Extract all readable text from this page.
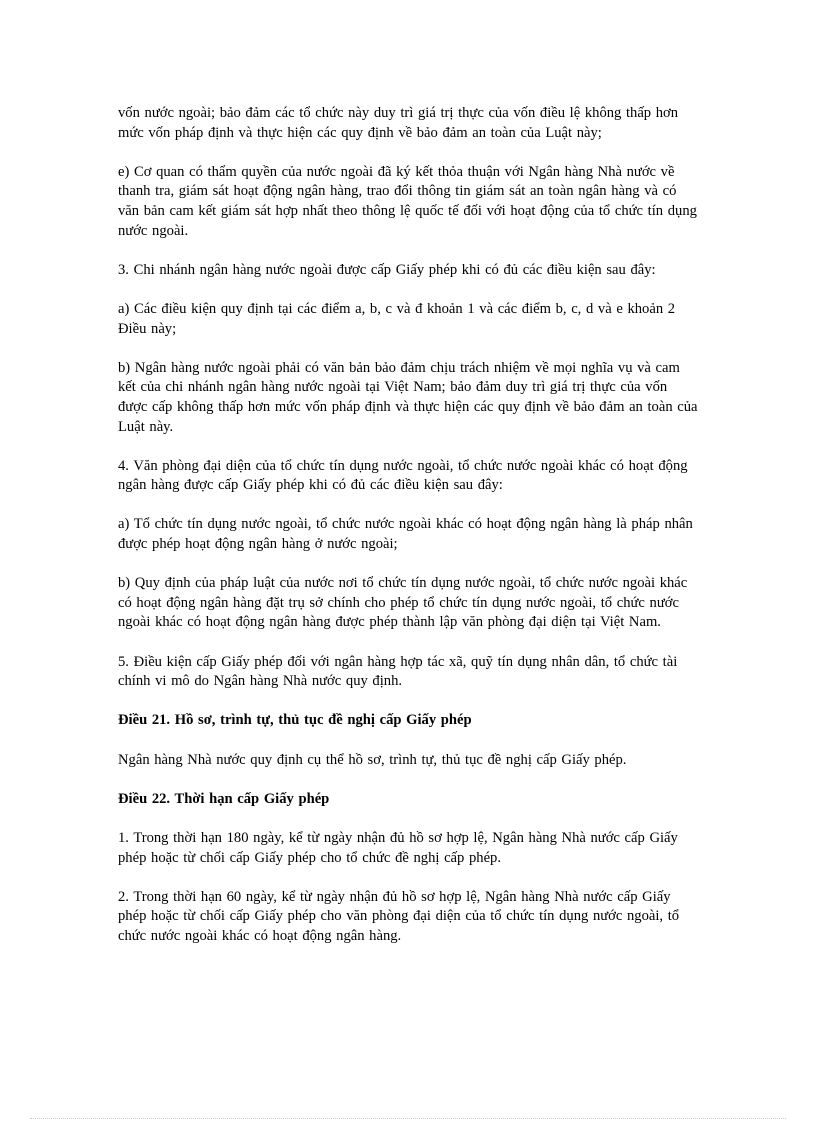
vốn nước ngoài; bảo đảm các tổ chức này duy trì giá trị thực của vốn điều lệ không thấp hơn mức vốn pháp định và thực hiện các quy định về bảo đảm an toàn của Luật này;

e) Cơ quan có thẩm quyền của nước ngoài đã ký kết thỏa thuận với Ngân hàng Nhà nước về thanh tra, giám sát hoạt động ngân hàng, trao đổi thông tin giám sát an toàn ngân hàng và có văn bản cam kết giám sát hợp nhất theo thông lệ quốc tế đối với hoạt động của tổ chức tín dụng nước ngoài.

3. Chi nhánh ngân hàng nước ngoài được cấp Giấy phép khi có đủ các điều kiện sau đây:

a) Các điều kiện quy định tại các điểm a, b, c và đ khoản 1 và các điểm b, c, d và e khoản 2 Điều này;

b) Ngân hàng nước ngoài phải có văn bản bảo đảm chịu trách nhiệm về mọi nghĩa vụ và cam kết của chi nhánh ngân hàng nước ngoài tại Việt Nam; bảo đảm duy trì giá trị thực của vốn được cấp không thấp hơn mức vốn pháp định và thực hiện các quy định về bảo đảm an toàn của Luật này.

4. Văn phòng đại diện của tổ chức tín dụng nước ngoài, tổ chức nước ngoài khác có hoạt động ngân hàng được cấp Giấy phép khi có đủ các điều kiện sau đây:

a) Tổ chức tín dụng nước ngoài, tổ chức nước ngoài khác có hoạt động ngân hàng là pháp nhân được phép hoạt động ngân hàng ở nước ngoài;

b) Quy định của pháp luật của nước nơi tổ chức tín dụng nước ngoài, tổ chức nước ngoài khác có hoạt động ngân hàng đặt trụ sở chính cho phép tổ chức tín dụng nước ngoài, tổ chức nước ngoài khác có hoạt động ngân hàng được phép thành lập văn phòng đại diện tại Việt Nam.

5. Điều kiện cấp Giấy phép đối với ngân hàng hợp tác xã, quỹ tín dụng nhân dân, tổ chức tài chính vi mô do Ngân hàng Nhà nước quy định.

Điều 21. Hồ sơ, trình tự, thủ tục đề nghị cấp Giấy phép

Ngân hàng Nhà nước quy định cụ thể hồ sơ, trình tự, thủ tục đề nghị cấp Giấy phép.

Điều 22. Thời hạn cấp Giấy phép

1. Trong thời hạn 180 ngày, kể từ ngày nhận đủ hồ sơ hợp lệ, Ngân hàng Nhà nước cấp Giấy phép hoặc từ chối cấp Giấy phép cho tổ chức đề nghị cấp phép.

2. Trong thời hạn 60 ngày, kể từ ngày nhận đủ hồ sơ hợp lệ, Ngân hàng Nhà nước cấp Giấy phép hoặc từ chối cấp Giấy phép cho văn phòng đại diện của tổ chức tín dụng nước ngoài, tổ chức nước ngoài khác có hoạt động ngân hàng.
